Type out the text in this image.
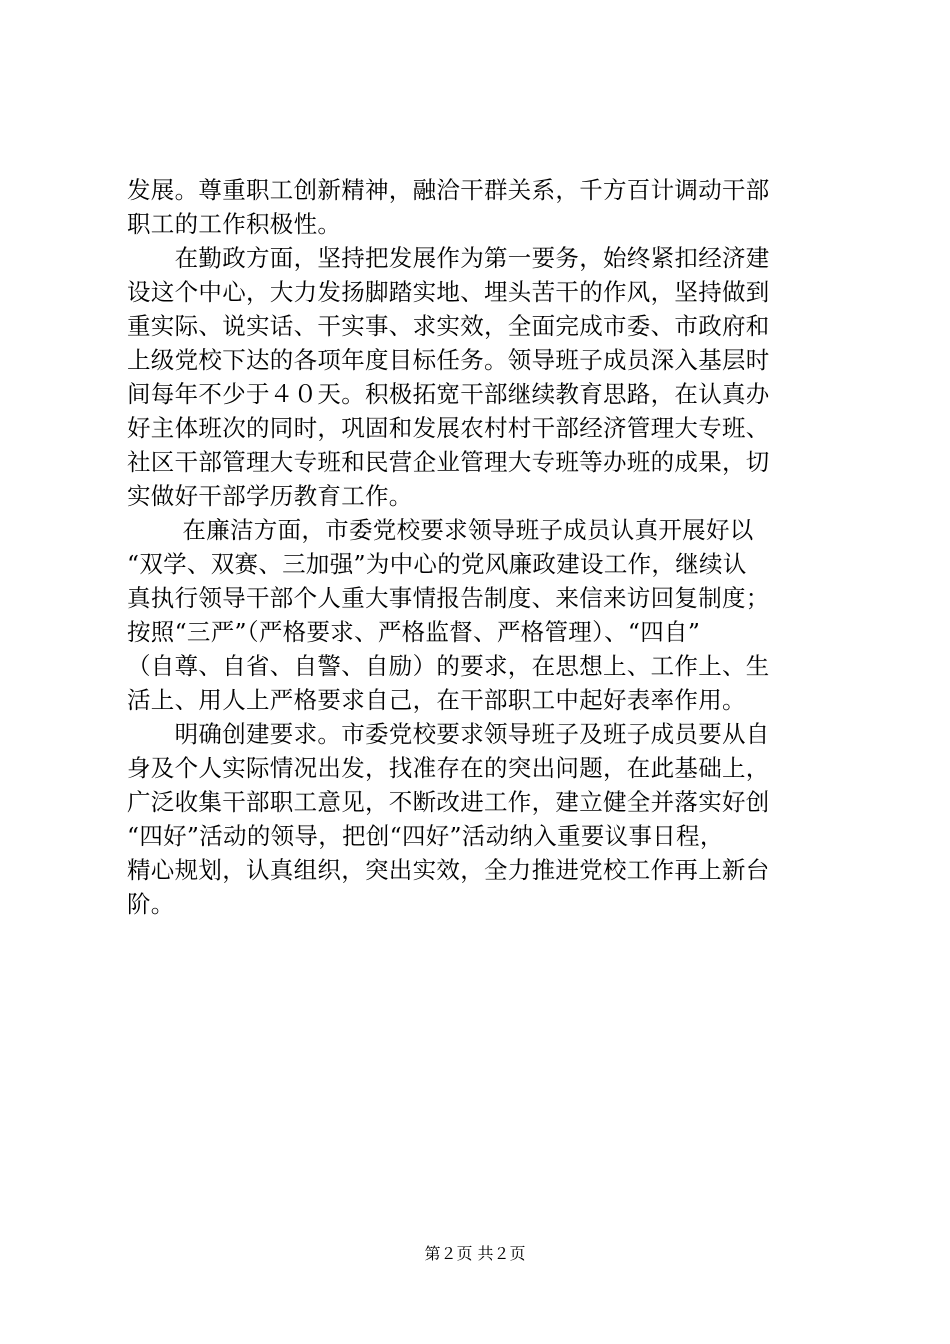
发展。尊重职工创新精神，融洽干群关系，千方百计调动干部
职工的工作积极性。
　　在勤政方面，坚持把发展作为第一要务，始终紧扣经济建
设这个中心，大力发扬脚踏实地、埋头苦干的作风，坚持做到
重实际、说实话、干实事、求实效，全面完成市委、市政府和
上级党校下达的各项年度目标任务。领导班子成员深入基层时
间每年不少于４０天。积极拓宽干部继续教育思路，在认真办
好主体班次的同时，巩固和发展农村村干部经济管理大专班、
社区干部管理大专班和民营企业管理大专班等办班的成果，切
实做好干部学历教育工作。
　　 在廉洁方面，市委党校要求领导班子成员认真开展好以
“双学、双赛、三加强”为中心的党风廉政建设工作，继续认
真执行领导干部个人重大事情报告制度、来信来访回复制度；
按照“三严”（严格要求、严格监督、严格管理）、“四自”
（自尊、自省、自警、自励）的要求，在思想上、工作上、生
活上、用人上严格要求自己，在干部职工中起好表率作用。
　　明确创建要求。市委党校要求领导班子及班子成员要从自
身及个人实际情况出发，找准存在的突出问题，在此基础上，
广泛收集干部职工意见，不断改进工作，建立健全并落实好创
“四好”活动的领导，把创“四好”活动纳入重要议事日程，
精心规划，认真组织，突出实效，全力推进党校工作再上新台
阶。
第２页 共２页
